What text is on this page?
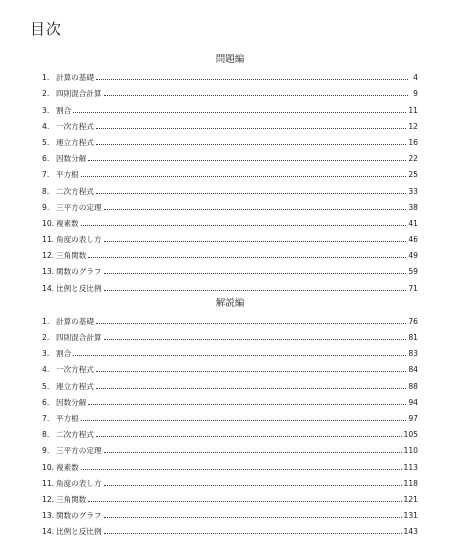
目次
問題編
1. 計算の基礎	4
2. 四則混合計算	9
3. 割合	11
4. 一次方程式	12
5. 連立方程式	16
6. 因数分解	22
7. 平方根	25
8. 二次方程式	33
9. 三平方の定理	38
10. 複素数	41
11. 角度の表し方	46
12. 三角関数	49
13. 関数のグラフ	59
14. 比例と反比例	71
解説編
1. 計算の基礎	76
2. 四則混合計算	81
3. 割合	83
4. 一次方程式	84
5. 連立方程式	88
6. 因数分解	94
7. 平方根	97
8. 二次方程式	105
9. 三平方の定理	110
10. 複素数	113
11. 角度の表し方	118
12. 三角関数	121
13. 関数のグラフ	131
14. 比例と反比例	143
